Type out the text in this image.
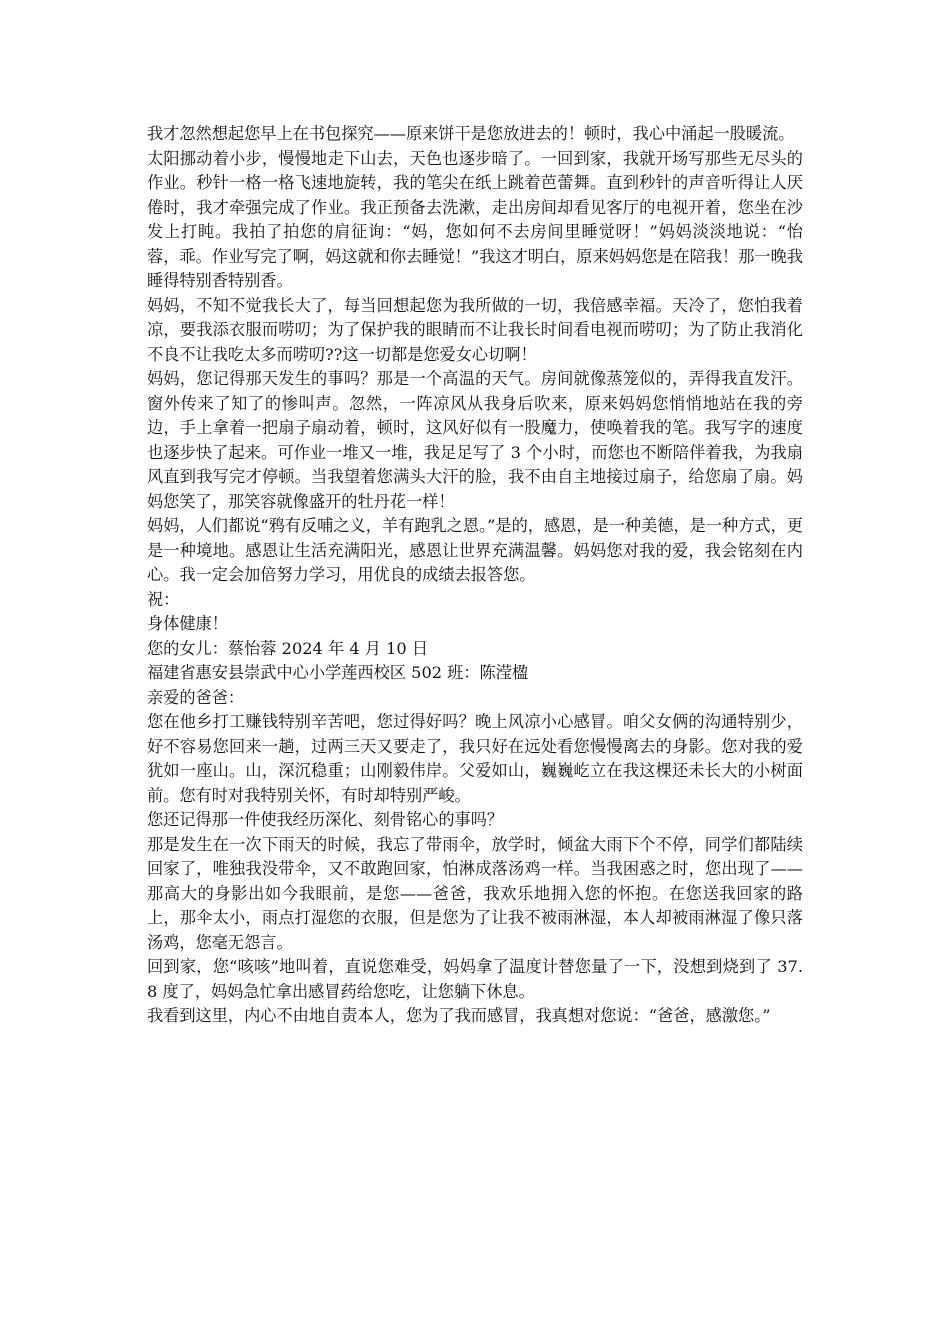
我才忽然想起您早上在书包探究——原来饼干是您放进去的！顿时，我心中涌起一股暖流。

太阳挪动着小步，慢慢地走下山去，天色也逐步暗了。一回到家，我就开场写那些无尽头的作业。秒针一格一格飞速地旋转，我的笔尖在纸上跳着芭蕾舞。直到秒针的声音听得让人厌倦时，我才牵强完成了作业。我正预备去洗漱，走出房间却看见客厅的电视开着，您坐在沙发上打盹。我拍了拍您的肩征询：“妈，您如何不去房间里睡觉呀！”妈妈淡淡地说：“怡蓉，乖。作业写完了啊，妈这就和你去睡觉！”我这才明白，原来妈妈您是在陪我！那一晚我睡得特别香特别香。

妈妈，不知不觉我长大了，每当回想起您为我所做的一切，我倍感幸福。天冷了，您怕我着凉，要我添衣服而唠叨；为了保护我的眼睛而不让我长时间看电视而唠叨；为了防止我消化不良不让我吃太多而唠叨??这一切都是您爱女心切啊！

妈妈，您记得那天发生的事吗？那是一个高温的天气。房间就像蒸笼似的，弄得我直发汗。窗外传来了知了的惨叫声。忽然，一阵凉风从我身后吹来，原来妈妈您悄悄地站在我的旁边，手上拿着一把扇子扇动着，顿时，这风好似有一股魔力，使唤着我的笔。我写字的速度也逐步快了起来。可作业一堆又一堆，我足足写了 3 个小时，而您也不断陪伴着我，为我扇风直到我写完才停顿。当我望着您满头大汗的脸，我不由自主地接过扇子，给您扇了扇。妈妈您笑了，那笑容就像盛开的牡丹花一样！

妈妈，人们都说“鸦有反哺之义，羊有跑乳之恩。”是的，感恩，是一种美德，是一种方式，更是一种境地。感恩让生活充满阳光，感恩让世界充满温馨。妈妈您对我的爱，我会铭刻在内心。我一定会加倍努力学习，用优良的成绩去报答您。

祝：

身体健康！

您的女儿：蔡怡蓉 2024 年 4 月 10 日

福建省惠安县崇武中心小学莲西校区 502 班：陈滢楹

亲爱的爸爸：

您在他乡打工赚钱特别辛苦吧，您过得好吗？晚上风凉小心感冒。咱父女俩的沟通特别少，好不容易您回来一趟，过两三天又要走了，我只好在远处看您慢慢离去的身影。您对我的爱犹如一座山。山，深沉稳重；山刚毅伟岸。父爱如山，巍巍屹立在我这棵还未长大的小树面前。您有时对我特别关怀，有时却特别严峻。

您还记得那一件使我经历深化、刻骨铭心的事吗？

那是发生在一次下雨天的时候，我忘了带雨伞，放学时，倾盆大雨下个不停，同学们都陆续回家了，唯独我没带伞，又不敢跑回家，怕淋成落汤鸡一样。当我困惑之时，您出现了——那高大的身影出如今我眼前，是您——爸爸，我欢乐地拥入您的怀抱。在您送我回家的路上，那伞太小，雨点打湿您的衣服，但是您为了让我不被雨淋湿，本人却被雨淋湿了像只落汤鸡，您毫无怨言。

回到家，您“咳咳”地叫着，直说您难受，妈妈拿了温度计替您量了一下，没想到烧到了 37.8 度了，妈妈急忙拿出感冒药给您吃，让您躺下休息。

我看到这里，内心不由地自责本人，您为了我而感冒，我真想对您说：“爸爸，感激您。”
